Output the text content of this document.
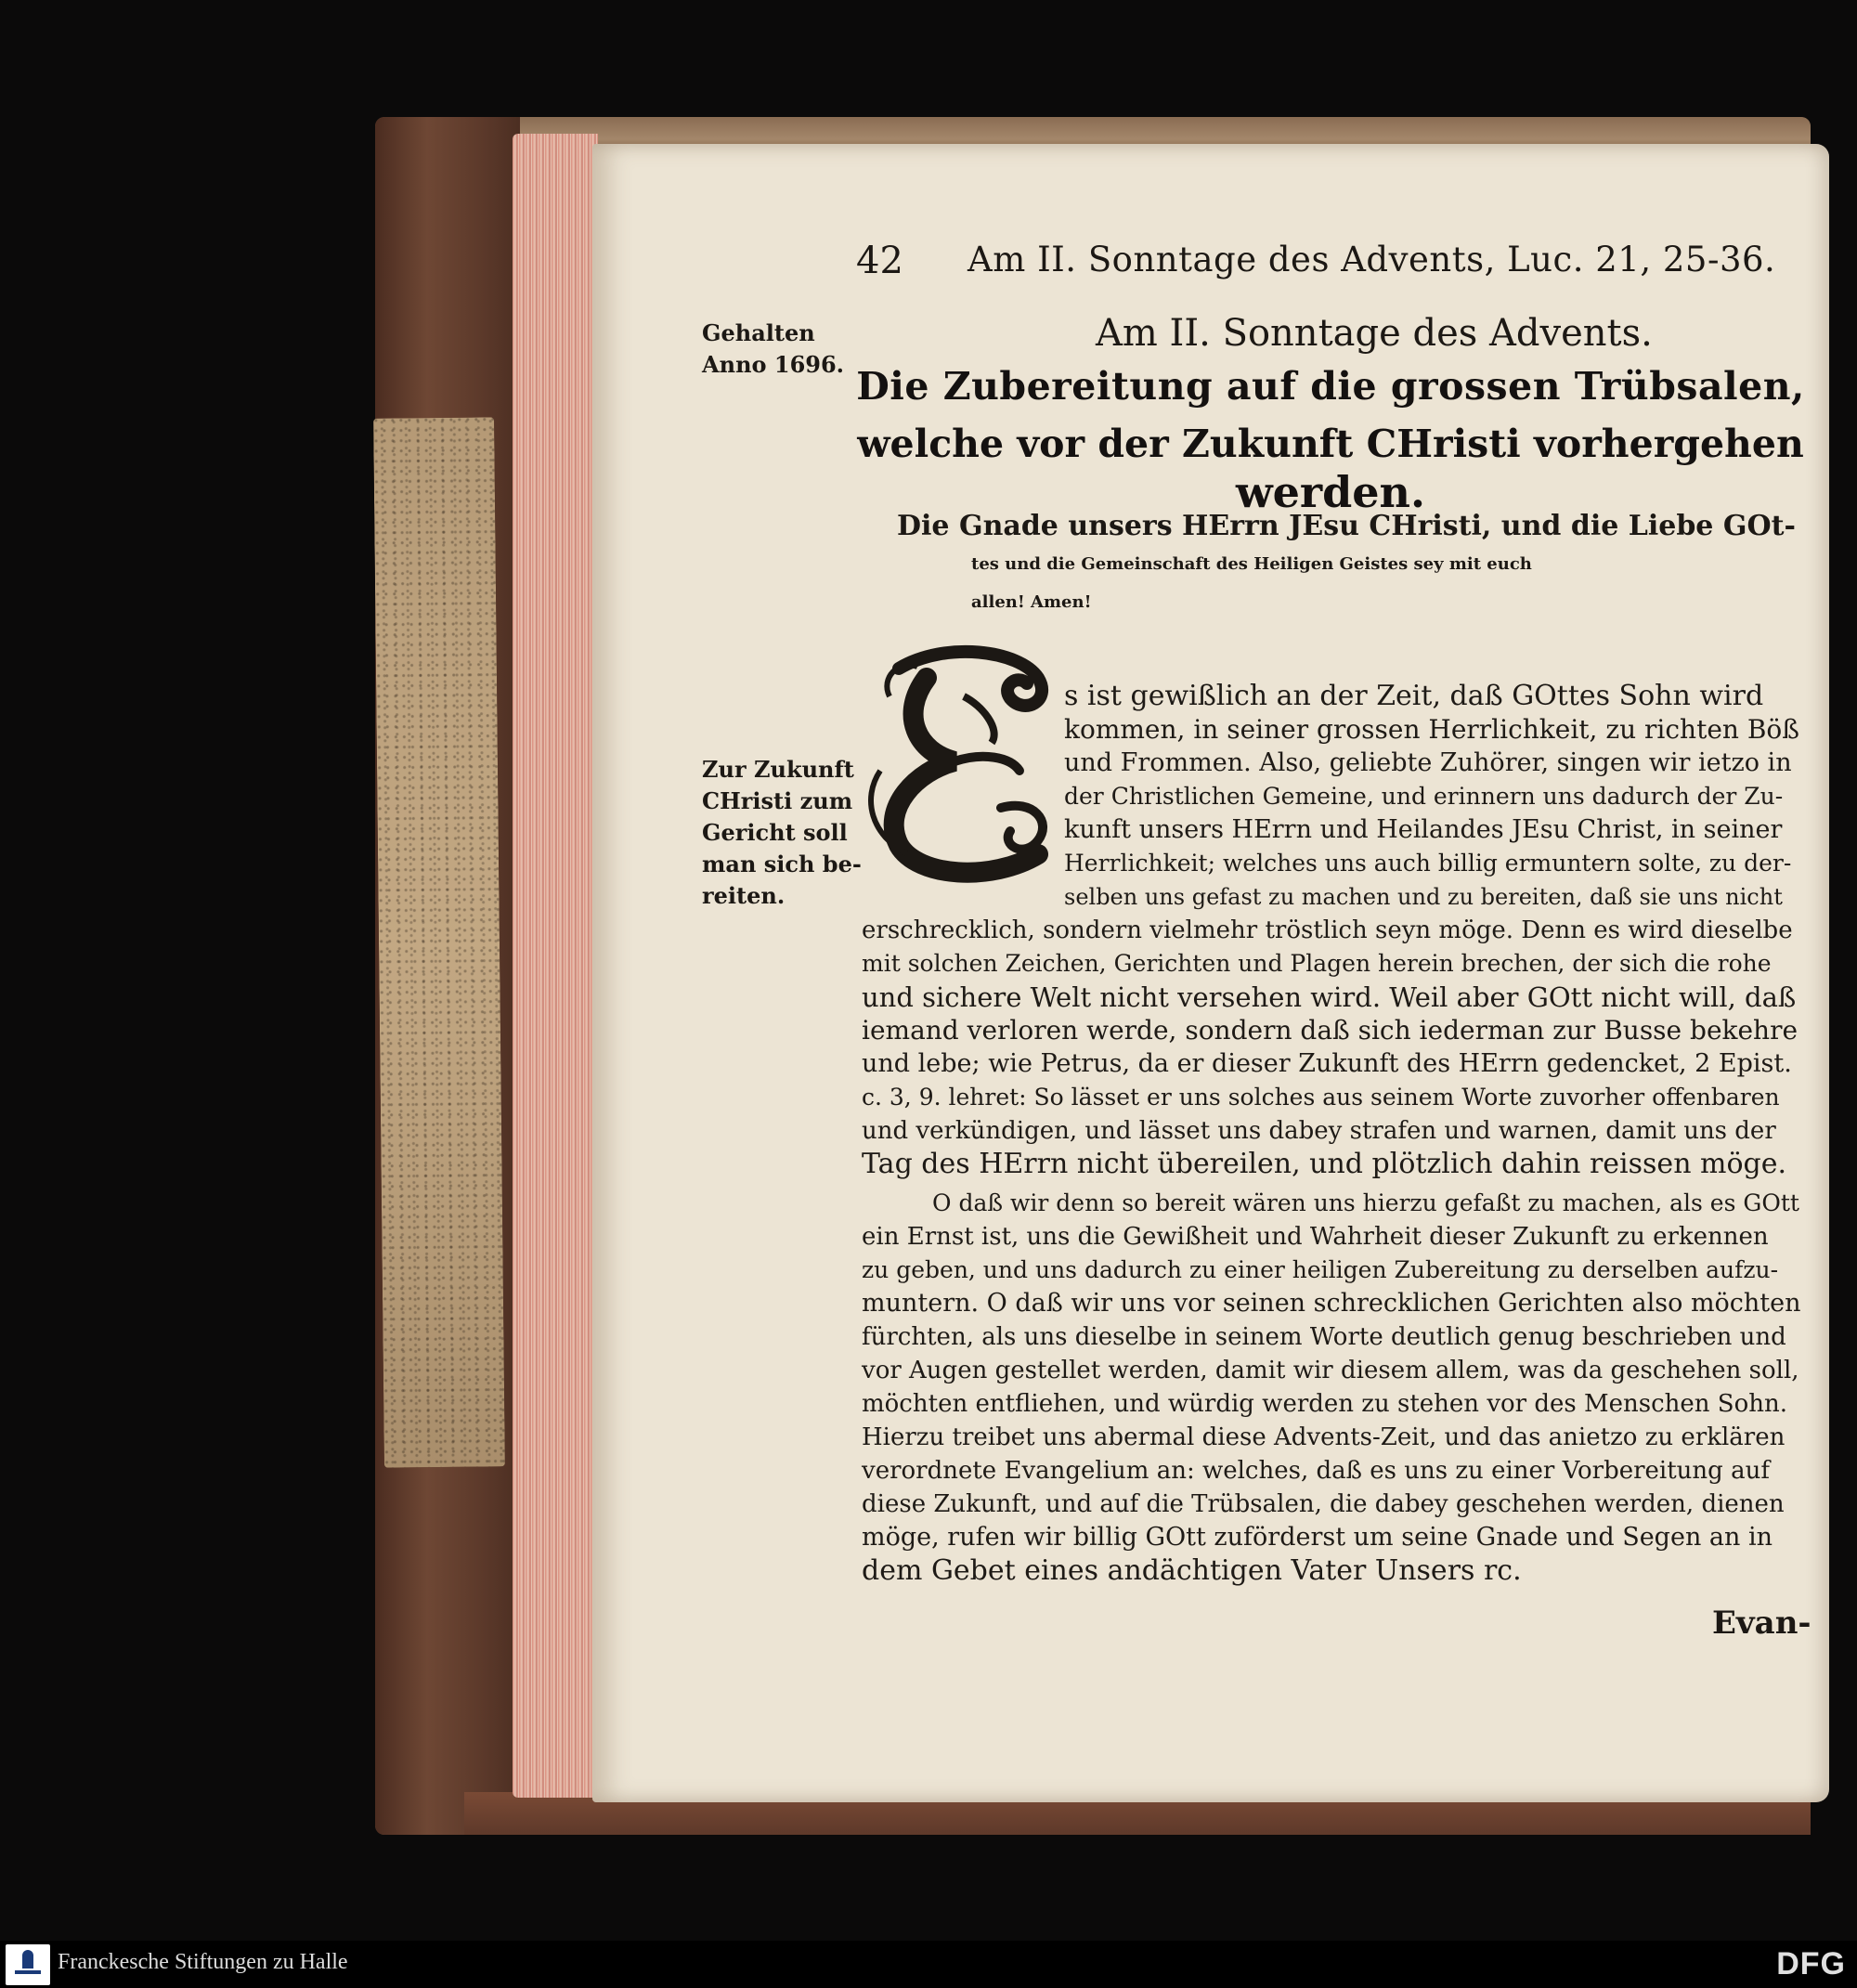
42 Am II. Sonntage des Advents, Luc. 21, 25-36.
Gehalten
Anno 1696.
Zur Zukunft
CHristi zum
Gericht soll
man sich be-
reiten.
Am II. Sonntage des Advents.
Die Zubereitung auf die grossen Trübsalen,
welche vor der Zukunft CHristi vorhergehen
werden.
Die Gnade unsers HErrn JEsu CHristi, und die Liebe GOt-
tes und die Gemeinschaft des Heiligen Geistes sey mit euch
allen! Amen!
s ist gewißlich an der Zeit, daß GOttes Sohn wird
kommen, in seiner grossen Herrlichkeit, zu richten Böß
und Frommen. Also, geliebte Zuhörer, singen wir ietzo in
der Christlichen Gemeine, und erinnern uns dadurch der Zu-
kunft unsers HErrn und Heilandes JEsu Christ, in seiner
Herrlichkeit; welches uns auch billig ermuntern solte, zu der-
selben uns gefast zu machen und zu bereiten, daß sie uns nicht
erschrecklich, sondern vielmehr tröstlich seyn möge. Denn es wird dieselbe
mit solchen Zeichen, Gerichten und Plagen herein brechen, der sich die rohe
und sichere Welt nicht versehen wird. Weil aber GOtt nicht will, daß
iemand verloren werde, sondern daß sich iederman zur Busse bekehre
und lebe; wie Petrus, da er dieser Zukunft des HErrn gedencket, 2 Epist.
c. 3, 9. lehret: So lässet er uns solches aus seinem Worte zuvorher offenbaren
und verkündigen, und lässet uns dabey strafen und warnen, damit uns der
Tag des HErrn nicht übereilen, und plötzlich dahin reissen möge.
O daß wir denn so bereit wären uns hierzu gefaßt zu machen, als es GOtt
ein Ernst ist, uns die Gewißheit und Wahrheit dieser Zukunft zu erkennen
zu geben, und uns dadurch zu einer heiligen Zubereitung zu derselben aufzu-
muntern. O daß wir uns vor seinen schrecklichen Gerichten also möchten
fürchten, als uns dieselbe in seinem Worte deutlich genug beschrieben und
vor Augen gestellet werden, damit wir diesem allem, was da geschehen soll,
möchten entfliehen, und würdig werden zu stehen vor des Menschen Sohn.
Hierzu treibet uns abermal diese Advents-Zeit, und das anietzo zu erklären
verordnete Evangelium an: welches, daß es uns zu einer Vorbereitung auf
diese Zukunft, und auf die Trübsalen, die dabey geschehen werden, dienen
möge, rufen wir billig GOtt zuförderst um seine Gnade und Segen an in
dem Gebet eines andächtigen Vater Unsers rc.
Evan-
Franckesche Stiftungen zu Halle	DFG
